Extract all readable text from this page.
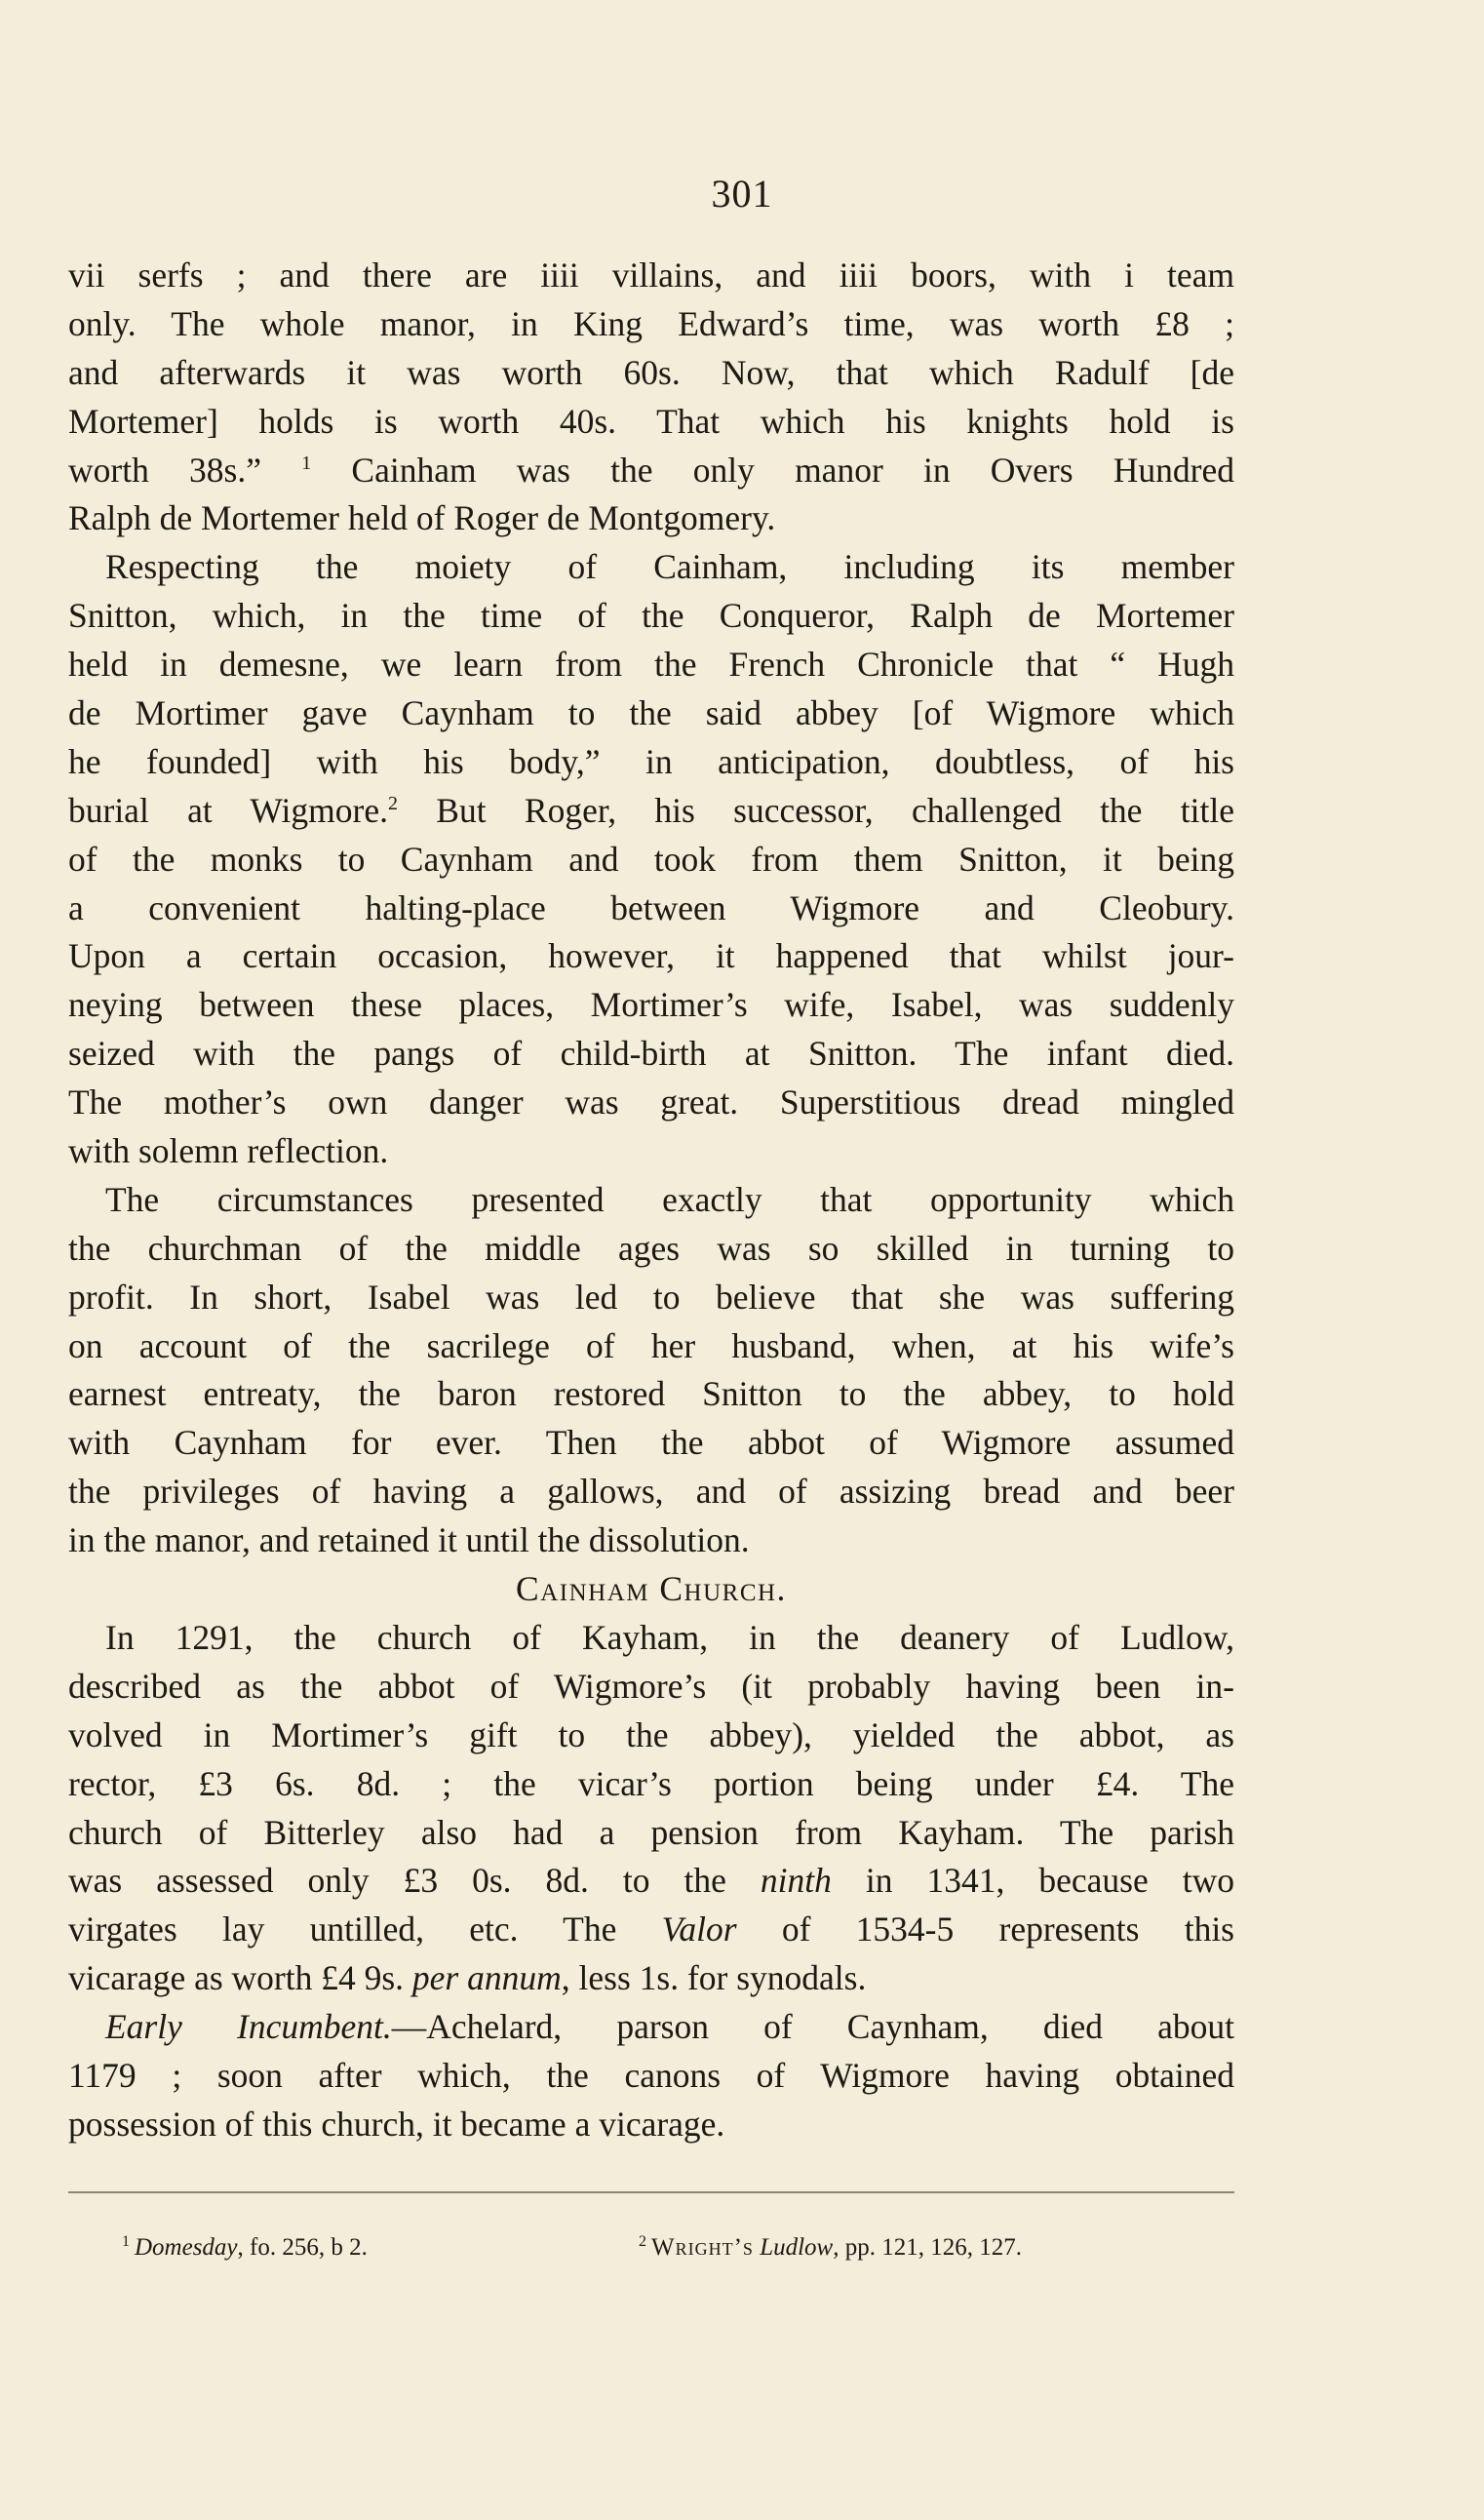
301
vii serfs ; and there are iiii villains, and iiii boors, with i team
only. The whole manor, in King Edward’s time, was worth £8 ;
and afterwards it was worth 60s. Now, that which Radulf [de
Mortemer] holds is worth 40s. That which his knights hold is
worth 38s.” $^1$ Cainham was the only manor in Overs Hundred
Ralph de Mortemer held of Roger de Montgomery.
Respecting the moiety of Cainham, including its member
Snitton, which, in the time of the Conqueror, Ralph de Mortemer
held in demesne, we learn from the French Chronicle that “ Hugh
de Mortimer gave Caynham to the said abbey [of Wigmore which
he founded] with his body,” in anticipation, doubtless, of his
burial at Wigmore.$^2$ But Roger, his successor, challenged the title
of the monks to Caynham and took from them Snitton, it being
a convenient halting-place between Wigmore and Cleobury.
Upon a certain occasion, however, it happened that whilst jour-
neying between these places, Mortimer’s wife, Isabel, was suddenly
seized with the pangs of child-birth at Snitton. The infant died.
The mother’s own danger was great. Superstitious dread mingled
with solemn reflection.
The circumstances presented exactly that opportunity which
the churchman of the middle ages was so skilled in turning to
profit. In short, Isabel was led to believe that she was suffering
on account of the sacrilege of her husband, when, at his wife’s
earnest entreaty, the baron restored Snitton to the abbey, to hold
with Caynham for ever. Then the abbot of Wigmore assumed
the privileges of having a gallows, and of assizing bread and beer
in the manor, and retained it until the dissolution.
Cainham Church.
In 1291, the church of Kayham, in the deanery of Ludlow,
described as the abbot of Wigmore’s (it probably having been in-
volved in Mortimer’s gift to the abbey), yielded the abbot, as
rector, £3 6s. 8d. ; the vicar’s portion being under £4. The
church of Bitterley also had a pension from Kayham. The parish
was assessed only £3 0s. 8d. to the ninth in 1341, because two
virgates lay untilled, etc. The Valor of 1534-5 represents this
vicarage as worth £4 9s. per annum, less 1s. for synodals.
Early Incumbent.—Achelard, parson of Caynham, died about
1179 ; soon after which, the canons of Wigmore having obtained
possession of this church, it became a vicarage.
$^1$ Domesday, fo. 256, b 2.	$^2$ Wright’s Ludlow, pp. 121, 126, 127.
